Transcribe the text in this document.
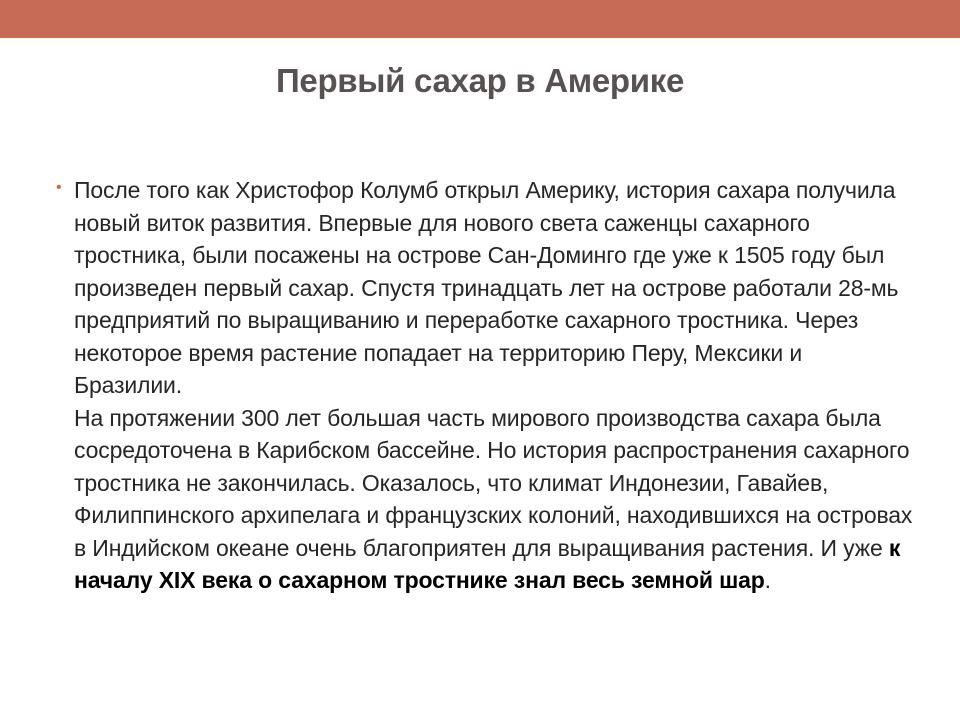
Первый сахар в Америке
• После того как Христофор Колумб открыл Америку, история сахара получила новый виток развития. Впервые для нового света саженцы сахарного тростника, были посажены на острове Сан-Доминго где уже к 1505 году был произведен первый сахар. Спустя тринадцать лет на острове работали 28-мь предприятий по выращиванию и переработке сахарного тростника. Через некоторое время растение попадает на территорию Перу, Мексики и Бразилии.

На протяжении 300 лет большая часть мирового производства сахара была сосредоточена в Карибском бассейне. Но история распространения сахарного тростника не закончилась. Оказалось, что климат Индонезии, Гавайев, Филиппинского архипелага и французских колоний, находившихся на островах в Индийском океане очень благоприятен для выращивания растения. И уже к началу XIX века о сахарном тростнике знал весь земной шар.
